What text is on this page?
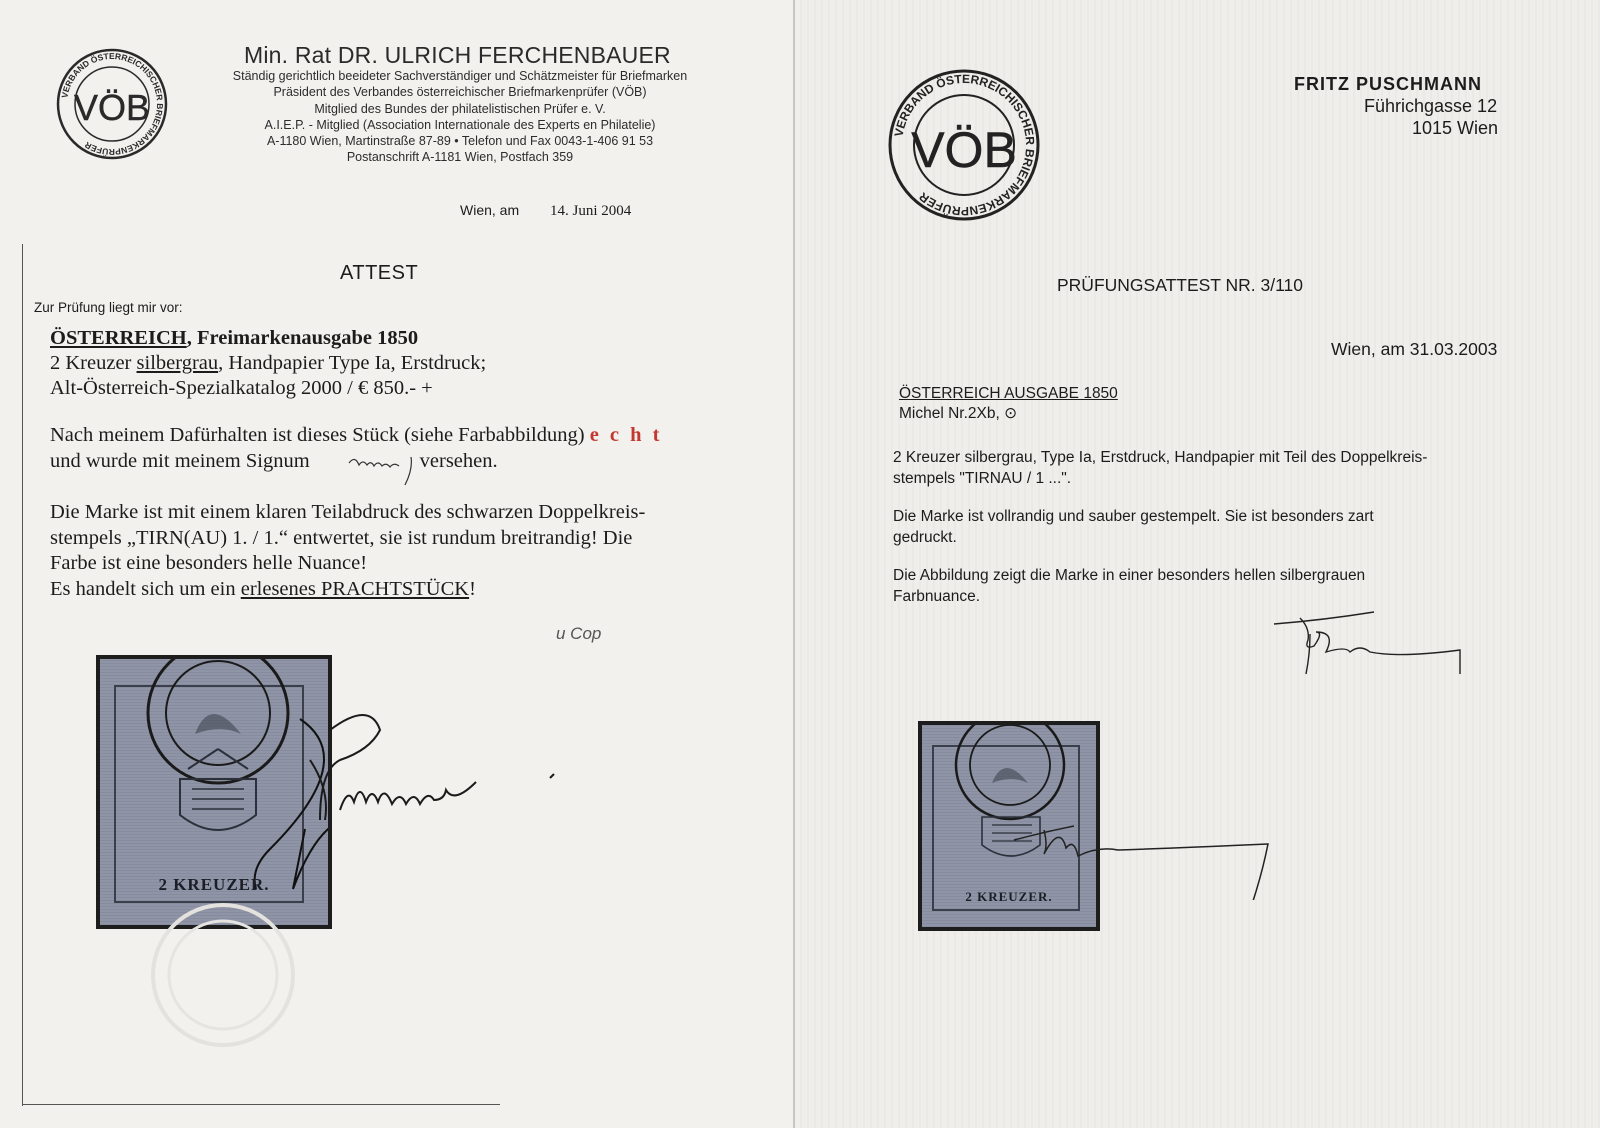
VERBAND ÖSTERREICHISCHER BRIEFMARKENPRÜFER
VÖB
Min. Rat DR. ULRICH FERCHENBAUER
Ständig gerichtlich beeideter Sachverständiger und Schätzmeister für Briefmarken
Präsident des Verbandes österreichischer Briefmarkenprüfer (VÖB)
Mitglied des Bundes der philatelistischen Prüfer e. V.
A.I.E.P. - Mitglied (Association Internationale des Experts en Philatelie)
A-1180 Wien, Martinstraße 87-89 • Telefon und Fax 0043-1-406 91 53
Postanschrift A-1181 Wien, Postfach 359
Wien, am 14. Juni 2004
ATTEST
Zur Prüfung liegt mir vor:
ÖSTERREICH, Freimarkenausgabe 1850
2 Kreuzer silbergrau, Handpapier Type Ia, Erstdruck;
Alt-Österreich-Spezialkatalog 2000 / € 850.- +
Nach meinem Dafürhalten ist dieses Stück (siehe Farbabbildung) e c h t
und wurde mit meinem Signum	versehen.
Die Marke ist mit einem klaren Teilabdruck des schwarzen Doppelkreis-
stempels „TIRN(AU) 1. / 1.“ entwertet, sie ist rundum breitrandig! Die
Farbe ist eine besonders helle Nuance!
Es handelt sich um ein erlesenes PRACHTSTÜCK!
u Cop
2 KREUZER.
VERBAND ÖSTERREICHISCHER BRIEFMARKENPRÜFER
VÖB
FRITZ PUSCHMANN
Führichgasse 12
1015 Wien
PRÜFUNGSATTEST NR. 3/110
Wien, am 31.03.2003
ÖSTERREICH AUSGABE 1850
Michel Nr.2Xb, ⊙
2 Kreuzer silbergrau, Type Ia, Erstdruck, Handpapier mit Teil des Doppelkreis-
stempels "TIRNAU / 1 ...".
Die Marke ist vollrandig und sauber gestempelt. Sie ist besonders zart
gedruckt.
Die Abbildung zeigt die Marke in einer besonders hellen silbergrauen
Farbnuance.
2 KREUZER.
